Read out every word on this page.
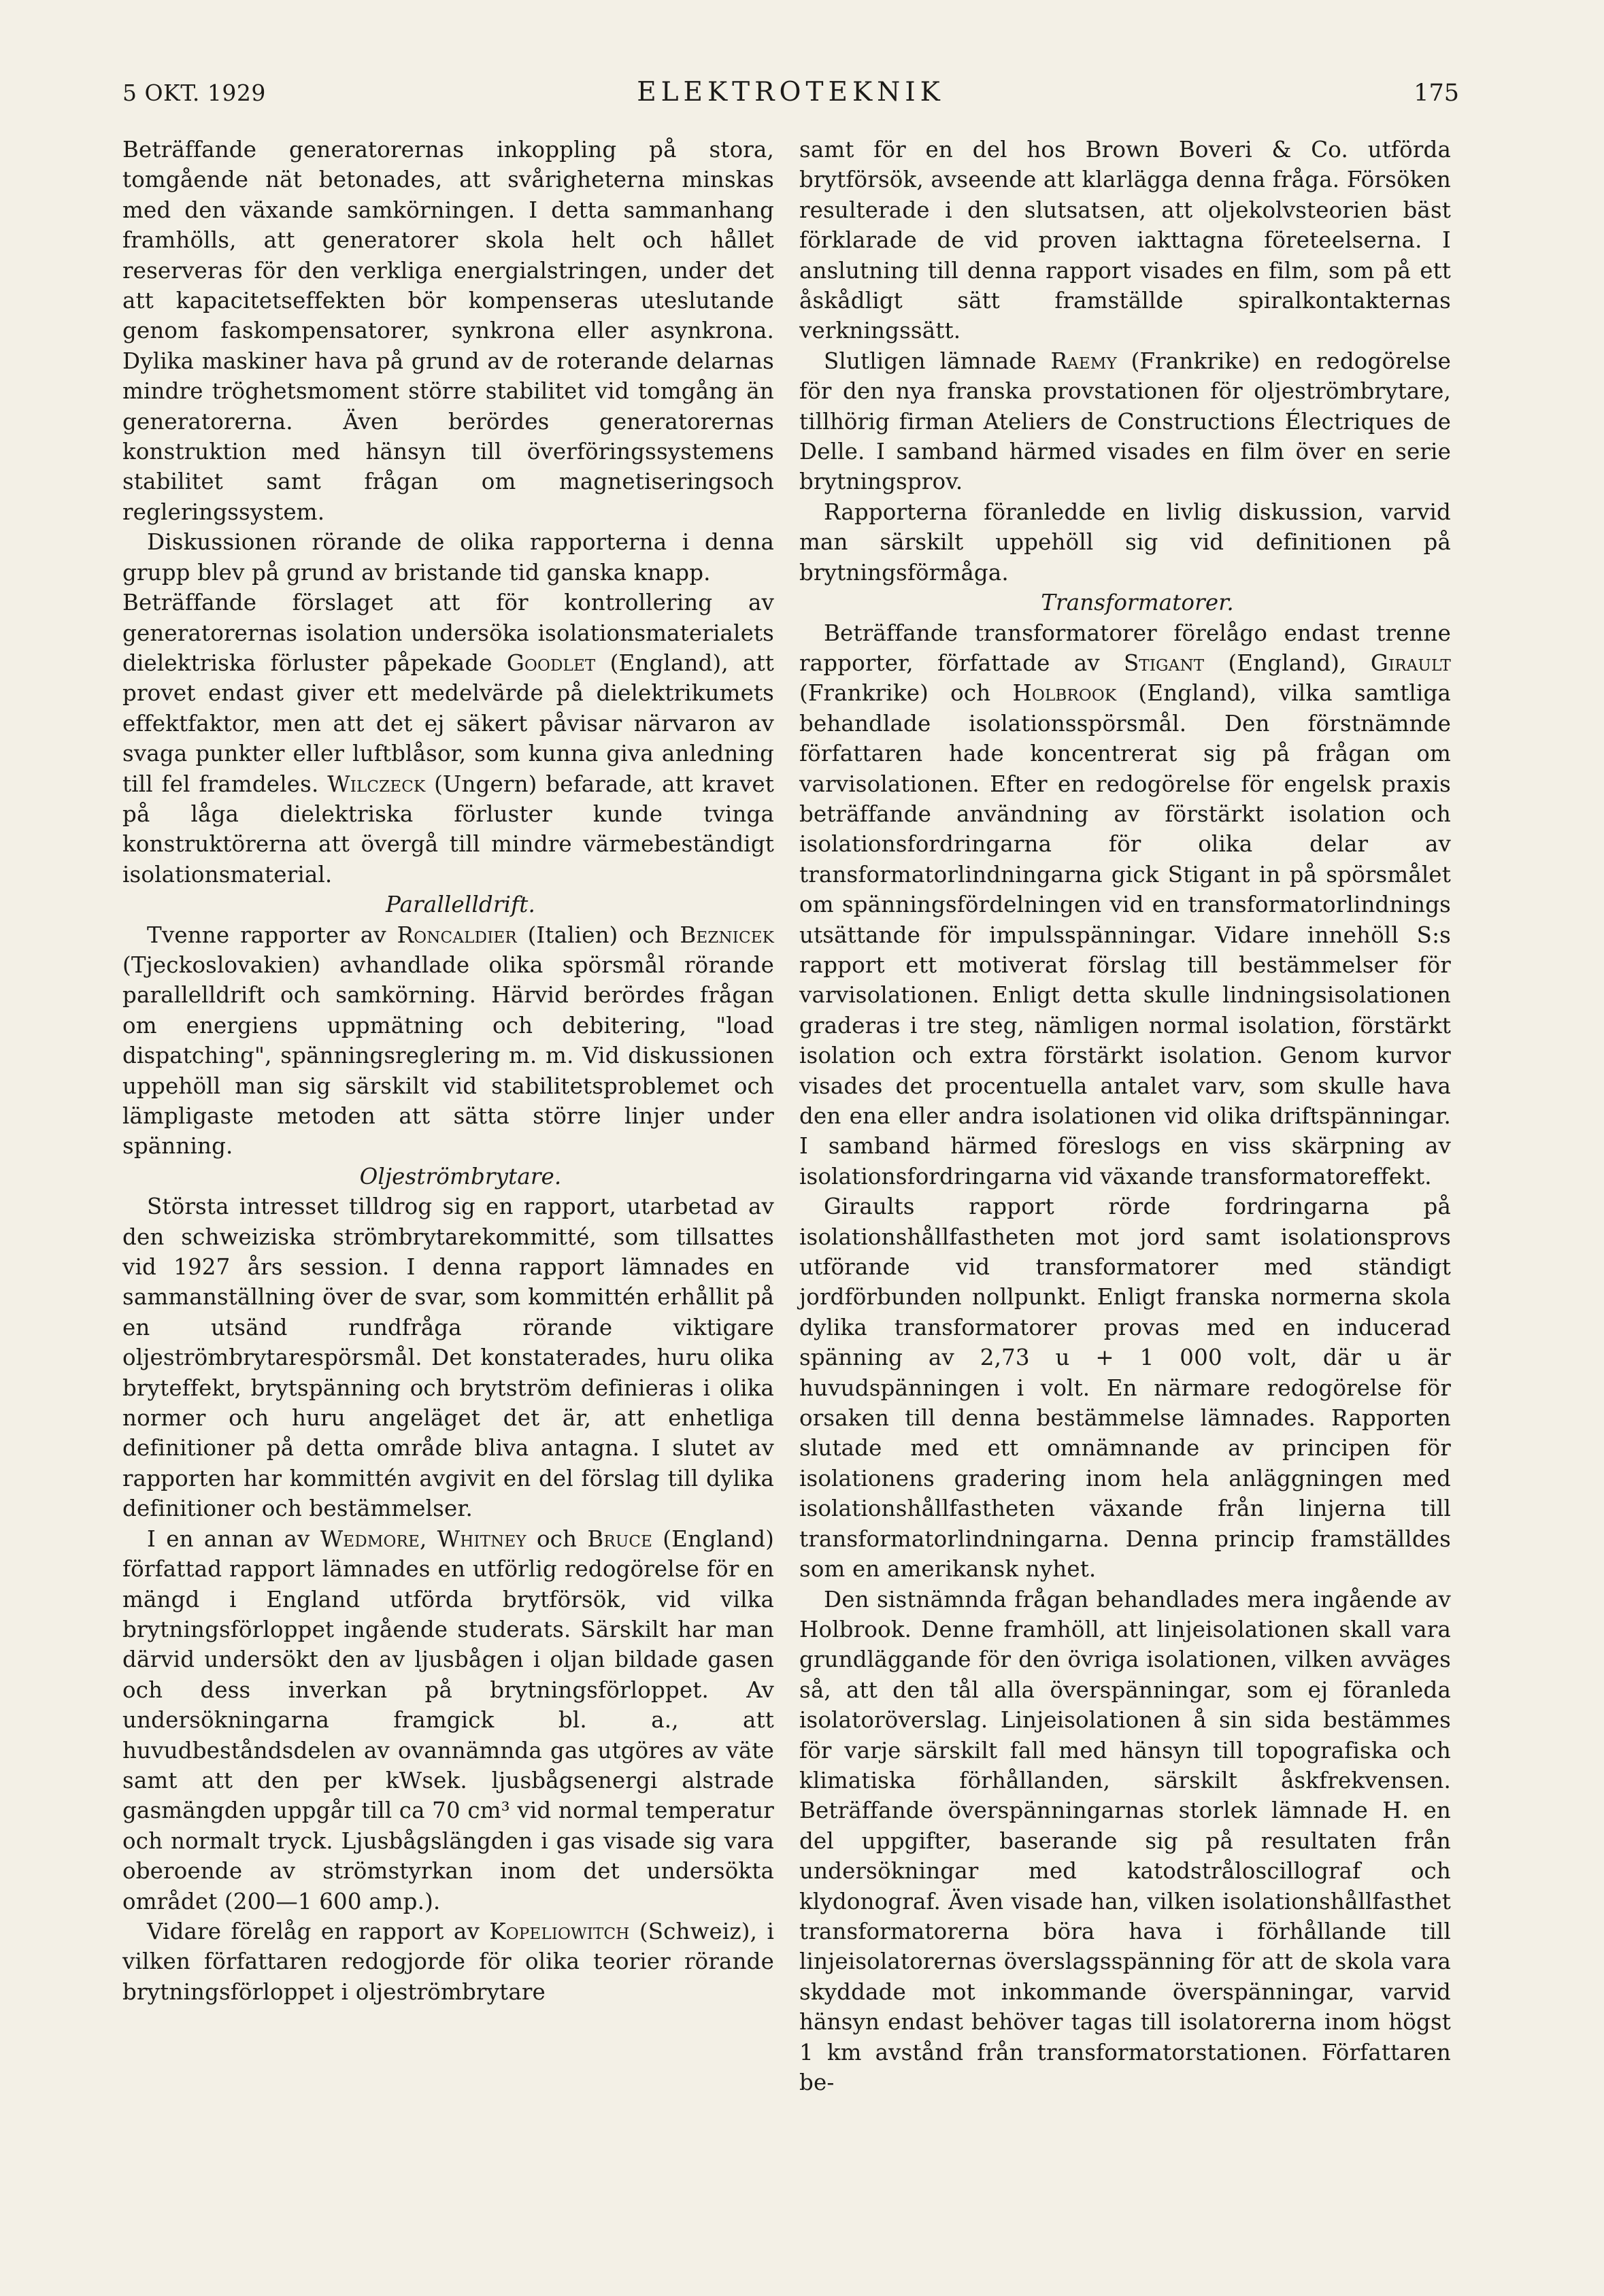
5 OKT. 1929	ELEKTROTEKNIK	175

Beträffande generatorernas inkoppling på stora, tomgående nät betonades, att svårigheterna minskas med den växande samkörningen. I detta sammanhang framhölls, att generatorer skola helt och hållet reserveras för den verkliga energialstringen, under det att kapacitetseffekten bör kompenseras uteslutande genom faskompensatorer, synkrona eller asynkrona. Dylika maskiner hava på grund av de roterande delarnas mindre tröghetsmoment större stabilitet vid tomgång än generatorerna. Även berördes generatorernas konstruktion med hänsyn till överföringssystemens stabilitet samt frågan om magnetiseringsoch regleringssystem.

Diskussionen rörande de olika rapporterna i denna grupp blev på grund av bristande tid ganska knapp.

Beträffande förslaget att för kontrollering av generatorernas isolation undersöka isolationsmaterialets dielektriska förluster påpekade Goodlet (England), att provet endast giver ett medelvärde på dielektrikumets effektfaktor, men att det ej säkert påvisar närvaron av svaga punkter eller luftblåsor, som kunna giva anledning till fel framdeles. Wilczeck (Ungern) befarade, att kravet på låga dielektriska förluster kunde tvinga konstruktörerna att övergå till mindre värmebeständigt isolationsmaterial.

Parallelldrift.

Tvenne rapporter av Roncaldier (Italien) och Beznicek (Tjeckoslovakien) avhandlade olika spörsmål rörande parallelldrift och samkörning. Härvid berördes frågan om energiens uppmätning och debitering, "load dispatching", spänningsreglering m. m. Vid diskussionen uppehöll man sig särskilt vid stabilitetsproblemet och lämpligaste metoden att sätta större linjer under spänning.

Oljeströmbrytare.

Största intresset tilldrog sig en rapport, utarbetad av den schweiziska strömbrytarekommitté, som tillsattes vid 1927 års session. I denna rapport lämnades en sammanställning över de svar, som kommittén erhållit på en utsänd rundfråga rörande viktigare oljeströmbrytarespörsmål. Det konstaterades, huru olika bryteffekt, brytspänning och brytström definieras i olika normer och huru angeläget det är, att enhetliga definitioner på detta område bliva antagna. I slutet av rapporten har kommittén avgivit en del förslag till dylika definitioner och bestämmelser.

I en annan av Wedmore, Whitney och Bruce (England) författad rapport lämnades en utförlig redogörelse för en mängd i England utförda brytförsök, vid vilka brytningsförloppet ingående studerats. Särskilt har man därvid undersökt den av ljusbågen i oljan bildade gasen och dess inverkan på brytningsförloppet. Av undersökningarna framgick bl. a., att huvudbeståndsdelen av ovannämnda gas utgöres av väte samt att den per kWsek. ljusbågsenergi alstrade gasmängden uppgår till ca 70 cm³ vid normal temperatur och normalt tryck. Ljusbågslängden i gas visade sig vara oberoende av strömstyrkan inom det undersökta området (200—1 600 amp.).

Vidare förelåg en rapport av Kopeliowitch (Schweiz), i vilken författaren redogjorde för olika teorier rörande brytningsförloppet i oljeströmbrytare

samt för en del hos Brown Boveri & Co. utförda brytförsök, avseende att klarlägga denna fråga. Försöken resulterade i den slutsatsen, att oljekolvsteorien bäst förklarade de vid proven iakttagna företeelserna. I anslutning till denna rapport visades en film, som på ett åskådligt sätt framställde spiralkontakternas verkningssätt.

Slutligen lämnade Raemy (Frankrike) en redogörelse för den nya franska provstationen för oljeströmbrytare, tillhörig firman Ateliers de Constructions Électriques de Delle. I samband härmed visades en film över en serie brytningsprov.

Rapporterna föranledde en livlig diskussion, varvid man särskilt uppehöll sig vid definitionen på brytningsförmåga.

Transformatorer.

Beträffande transformatorer förelågo endast trenne rapporter, författade av Stigant (England), Girault (Frankrike) och Holbrook (England), vilka samtliga behandlade isolationsspörsmål. Den förstnämnde författaren hade koncentrerat sig på frågan om varvisolationen. Efter en redogörelse för engelsk praxis beträffande användning av förstärkt isolation och isolationsfordringarna för olika delar av transformatorlindningarna gick Stigant in på spörsmålet om spänningsfördelningen vid en transformatorlindnings utsättande för impulsspänningar. Vidare innehöll S:s rapport ett motiverat förslag till bestämmelser för varvisolationen. Enligt detta skulle lindningsisolationen graderas i tre steg, nämligen normal isolation, förstärkt isolation och extra förstärkt isolation. Genom kurvor visades det procentuella antalet varv, som skulle hava den ena eller andra isolationen vid olika driftspänningar. I samband härmed föreslogs en viss skärpning av isolationsfordringarna vid växande transformatoreffekt.

Giraults rapport rörde fordringarna på isolationshållfastheten mot jord samt isolationsprovs utförande vid transformatorer med ständigt jordförbunden nollpunkt. Enligt franska normerna skola dylika transformatorer provas med en inducerad spänning av 2,73 u + 1 000 volt, där u är huvudspänningen i volt. En närmare redogörelse för orsaken till denna bestämmelse lämnades. Rapporten slutade med ett omnämnande av principen för isolationens gradering inom hela anläggningen med isolationshållfastheten växande från linjerna till transformatorlindningarna. Denna princip framställdes som en amerikansk nyhet.

Den sistnämnda frågan behandlades mera ingående av Holbrook. Denne framhöll, att linjeisolationen skall vara grundläggande för den övriga isolationen, vilken avväges så, att den tål alla överspänningar, som ej föranleda isolatoröverslag. Linjeisolationen å sin sida bestämmes för varje särskilt fall med hänsyn till topografiska och klimatiska förhållanden, särskilt åskfrekvensen. Beträffande överspänningarnas storlek lämnade H. en del uppgifter, baserande sig på resultaten från undersökningar med katodstråloscillograf och klydonograf. Även visade han, vilken isolationshållfasthet transformatorerna böra hava i förhållande till linjeisolatorernas överslagsspänning för att de skola vara skyddade mot inkommande överspänningar, varvid hänsyn endast behöver tagas till isolatorerna inom högst 1 km avstånd från transformatorstationen. Författaren be-
